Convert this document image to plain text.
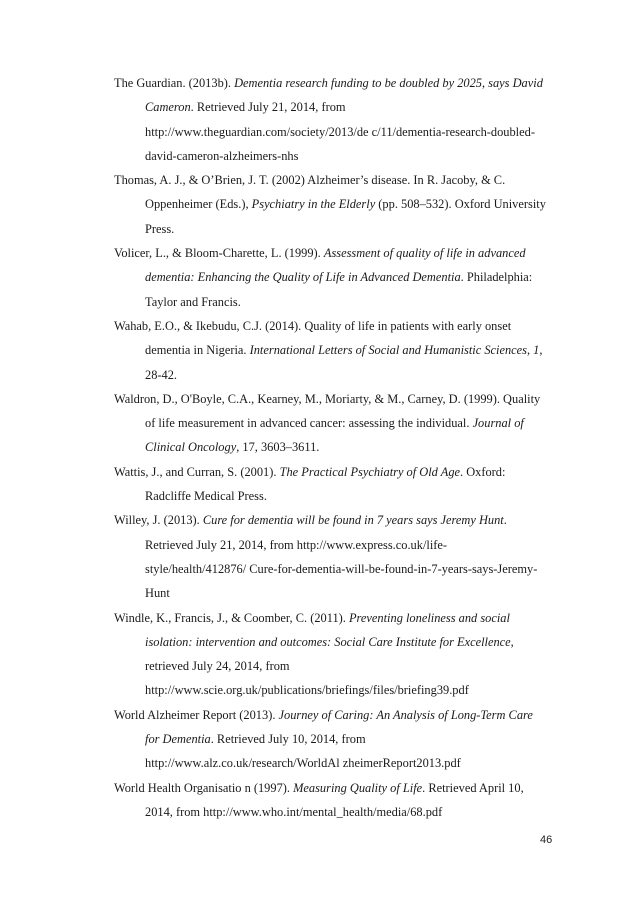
The Guardian. (2013b). Dementia research funding to be doubled by 2025, says David
Cameron. Retrieved July 21, 2014, from
http://www.theguardian.com/society/2013/de c/11/dementia-research-doubled-
david-cameron-alzheimers-nhs
Thomas, A. J., & O’Brien, J. T. (2002) Alzheimer’s disease. In R. Jacoby, & C.
Oppenheimer (Eds.), Psychiatry in the Elderly (pp. 508–532). Oxford University
Press.
Volicer, L., & Bloom-Charette, L. (1999). Assessment of quality of life in advanced
dementia: Enhancing the Quality of Life in Advanced Dementia. Philadelphia:
Taylor and Francis.
Wahab, E.O., & Ikebudu, C.J. (2014). Quality of life in patients with early onset
dementia in Nigeria. International Letters of Social and Humanistic Sciences, 1,
28-42.
Waldron, D., O'Boyle, C.A., Kearney, M., Moriarty, & M., Carney, D. (1999). Quality
of life measurement in advanced cancer: assessing the individual. Journal of
Clinical Oncology, 17, 3603–3611.
Wattis, J., and Curran, S. (2001). The Practical Psychiatry of Old Age. Oxford:
Radcliffe Medical Press.
Willey, J. (2013). Cure for dementia will be found in 7 years says Jeremy Hunt.
Retrieved July 21, 2014, from http://www.express.co.uk/life-
style/health/412876/ Cure-for-dementia-will-be-found-in-7-years-says-Jeremy-
Hunt
Windle, K., Francis, J., & Coomber, C. (2011). Preventing loneliness and social
isolation: intervention and outcomes: Social Care Institute for Excellence,
retrieved July 24, 2014, from
http://www.scie.org.uk/publications/briefings/files/briefing39.pdf
World Alzheimer Report (2013). Journey of Caring: An Analysis of Long-Term Care
for Dementia. Retrieved July 10, 2014, from
http://www.alz.co.uk/research/WorldAl zheimerReport2013.pdf
World Health Organisatio n (1997). Measuring Quality of Life. Retrieved April 10,
2014, from http://www.who.int/mental_health/media/68.pdf
46
